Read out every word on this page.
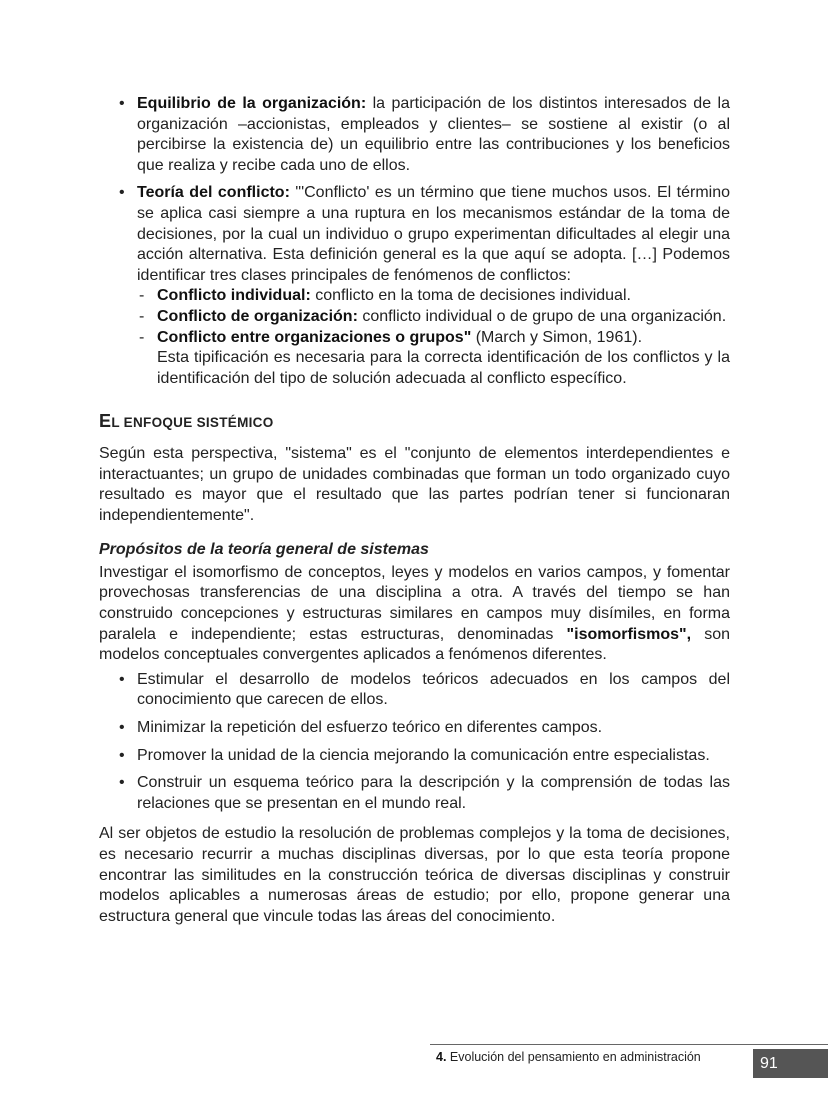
• Equilibrio de la organización: la participación de los distintos interesados de la organización –accionistas, empleados y clientes– se sostiene al existir (o al percibirse la existencia de) un equilibrio entre las contribuciones y los beneficios que realiza y recibe cada uno de ellos.
• Teoría del conflicto: "'Conflicto' es un término que tiene muchos usos. El término se aplica casi siempre a una ruptura en los mecanismos estándar de la toma de decisiones, por la cual un individuo o grupo experimentan dificultades al elegir una acción alternativa. Esta definición general es la que aquí se adopta. […] Podemos identificar tres clases principales de fenómenos de conflictos:
- Conflicto individual: conflicto en la toma de decisiones individual.
- Conflicto de organización: conflicto individual o de grupo de una organización.
- Conflicto entre organizaciones o grupos" (March y Simon, 1961).
Esta tipificación es necesaria para la correcta identificación de los conflictos y la identificación del tipo de solución adecuada al conflicto específico.
EL ENFOQUE SISTÉMICO

Según esta perspectiva, "sistema" es el "conjunto de elementos interdependientes e interactuantes; un grupo de unidades combinadas que forman un todo organizado cuyo resultado es mayor que el resultado que las partes podrían tener si funcionaran independientemente".

Propósitos de la teoría general de sistemas

Investigar el isomorfismo de conceptos, leyes y modelos en varios campos, y fomentar provechosas transferencias de una disciplina a otra. A través del tiempo se han construido concepciones y estructuras similares en campos muy disímiles, en forma paralela e independiente; estas estructuras, denominadas "isomorfismos", son modelos conceptuales convergentes aplicados a fenómenos diferentes.

• Estimular el desarrollo de modelos teóricos adecuados en los campos del conocimiento que carecen de ellos.
• Minimizar la repetición del esfuerzo teórico en diferentes campos.
• Promover la unidad de la ciencia mejorando la comunicación entre especialistas.
• Construir un esquema teórico para la descripción y la comprensión de todas las relaciones que se presentan en el mundo real.

Al ser objetos de estudio la resolución de problemas complejos y la toma de decisiones, es necesario recurrir a muchas disciplinas diversas, por lo que esta teoría propone encontrar las similitudes en la construcción teórica de diversas disciplinas y construir modelos aplicables a numerosas áreas de estudio; por ello, propone generar una estructura general que vincule todas las áreas del conocimiento.

4. Evolución del pensamiento en administración	91
